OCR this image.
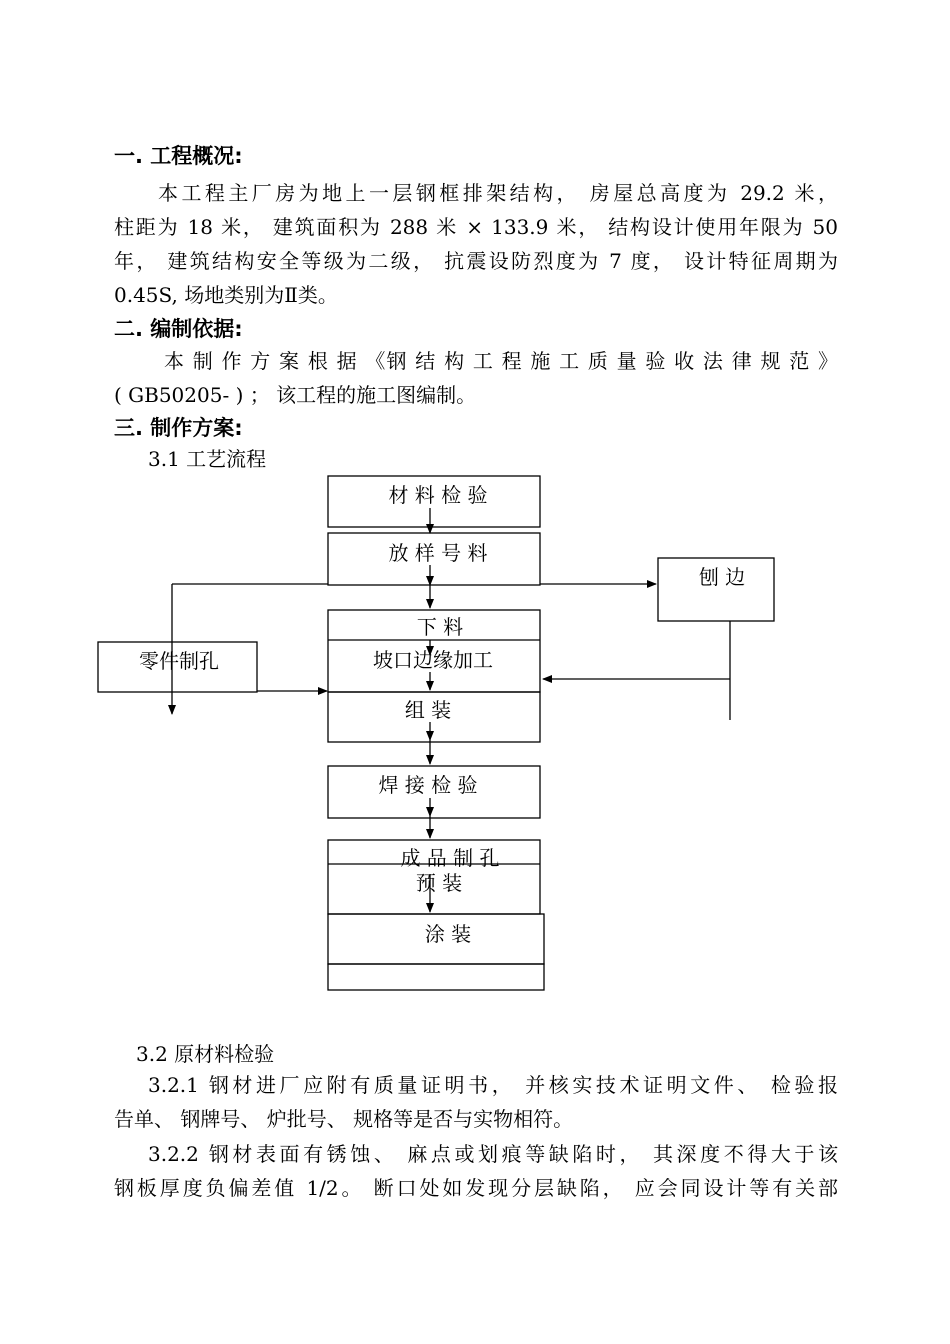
一. 工程概况:
本工程主厂房为地上一层钢框排架结构， 房屋总高度为 29.2 米，
柱距为 18 米， 建筑面积为 288 米 × 133.9 米， 结构设计使用年限为 50
年， 建筑结构安全等级为二级， 抗震设防烈度为 7 度， 设计特征周期为
0.45S, 场地类别为Ⅱ类。
二. 编制依据:
本 制 作 方 案 根 据 《钢 结 构 工 程 施 工 质 量 验 收 法 律 规 范 》
( GB50205- ) ； 该工程的施工图编制。
三. 制作方案:
3.1 工艺流程
材 料 检 验
放 样 号 料
下 料
坡口边缘加工
组 装
焊 接 检 验
成 品 制 孔
预 装
涂 装
零件制孔
刨 边
3.2 原材料检验
3.2.1 钢材进厂应附有质量证明书， 并核实技术证明文件、 检验报
告单、 钢牌号、 炉批号、 规格等是否与实物相符。
3.2.2 钢材表面有锈蚀、 麻点或划痕等缺陷时， 其深度不得大于该
钢板厚度负偏差值 1/2。 断口处如发现分层缺陷， 应会同设计等有关部
